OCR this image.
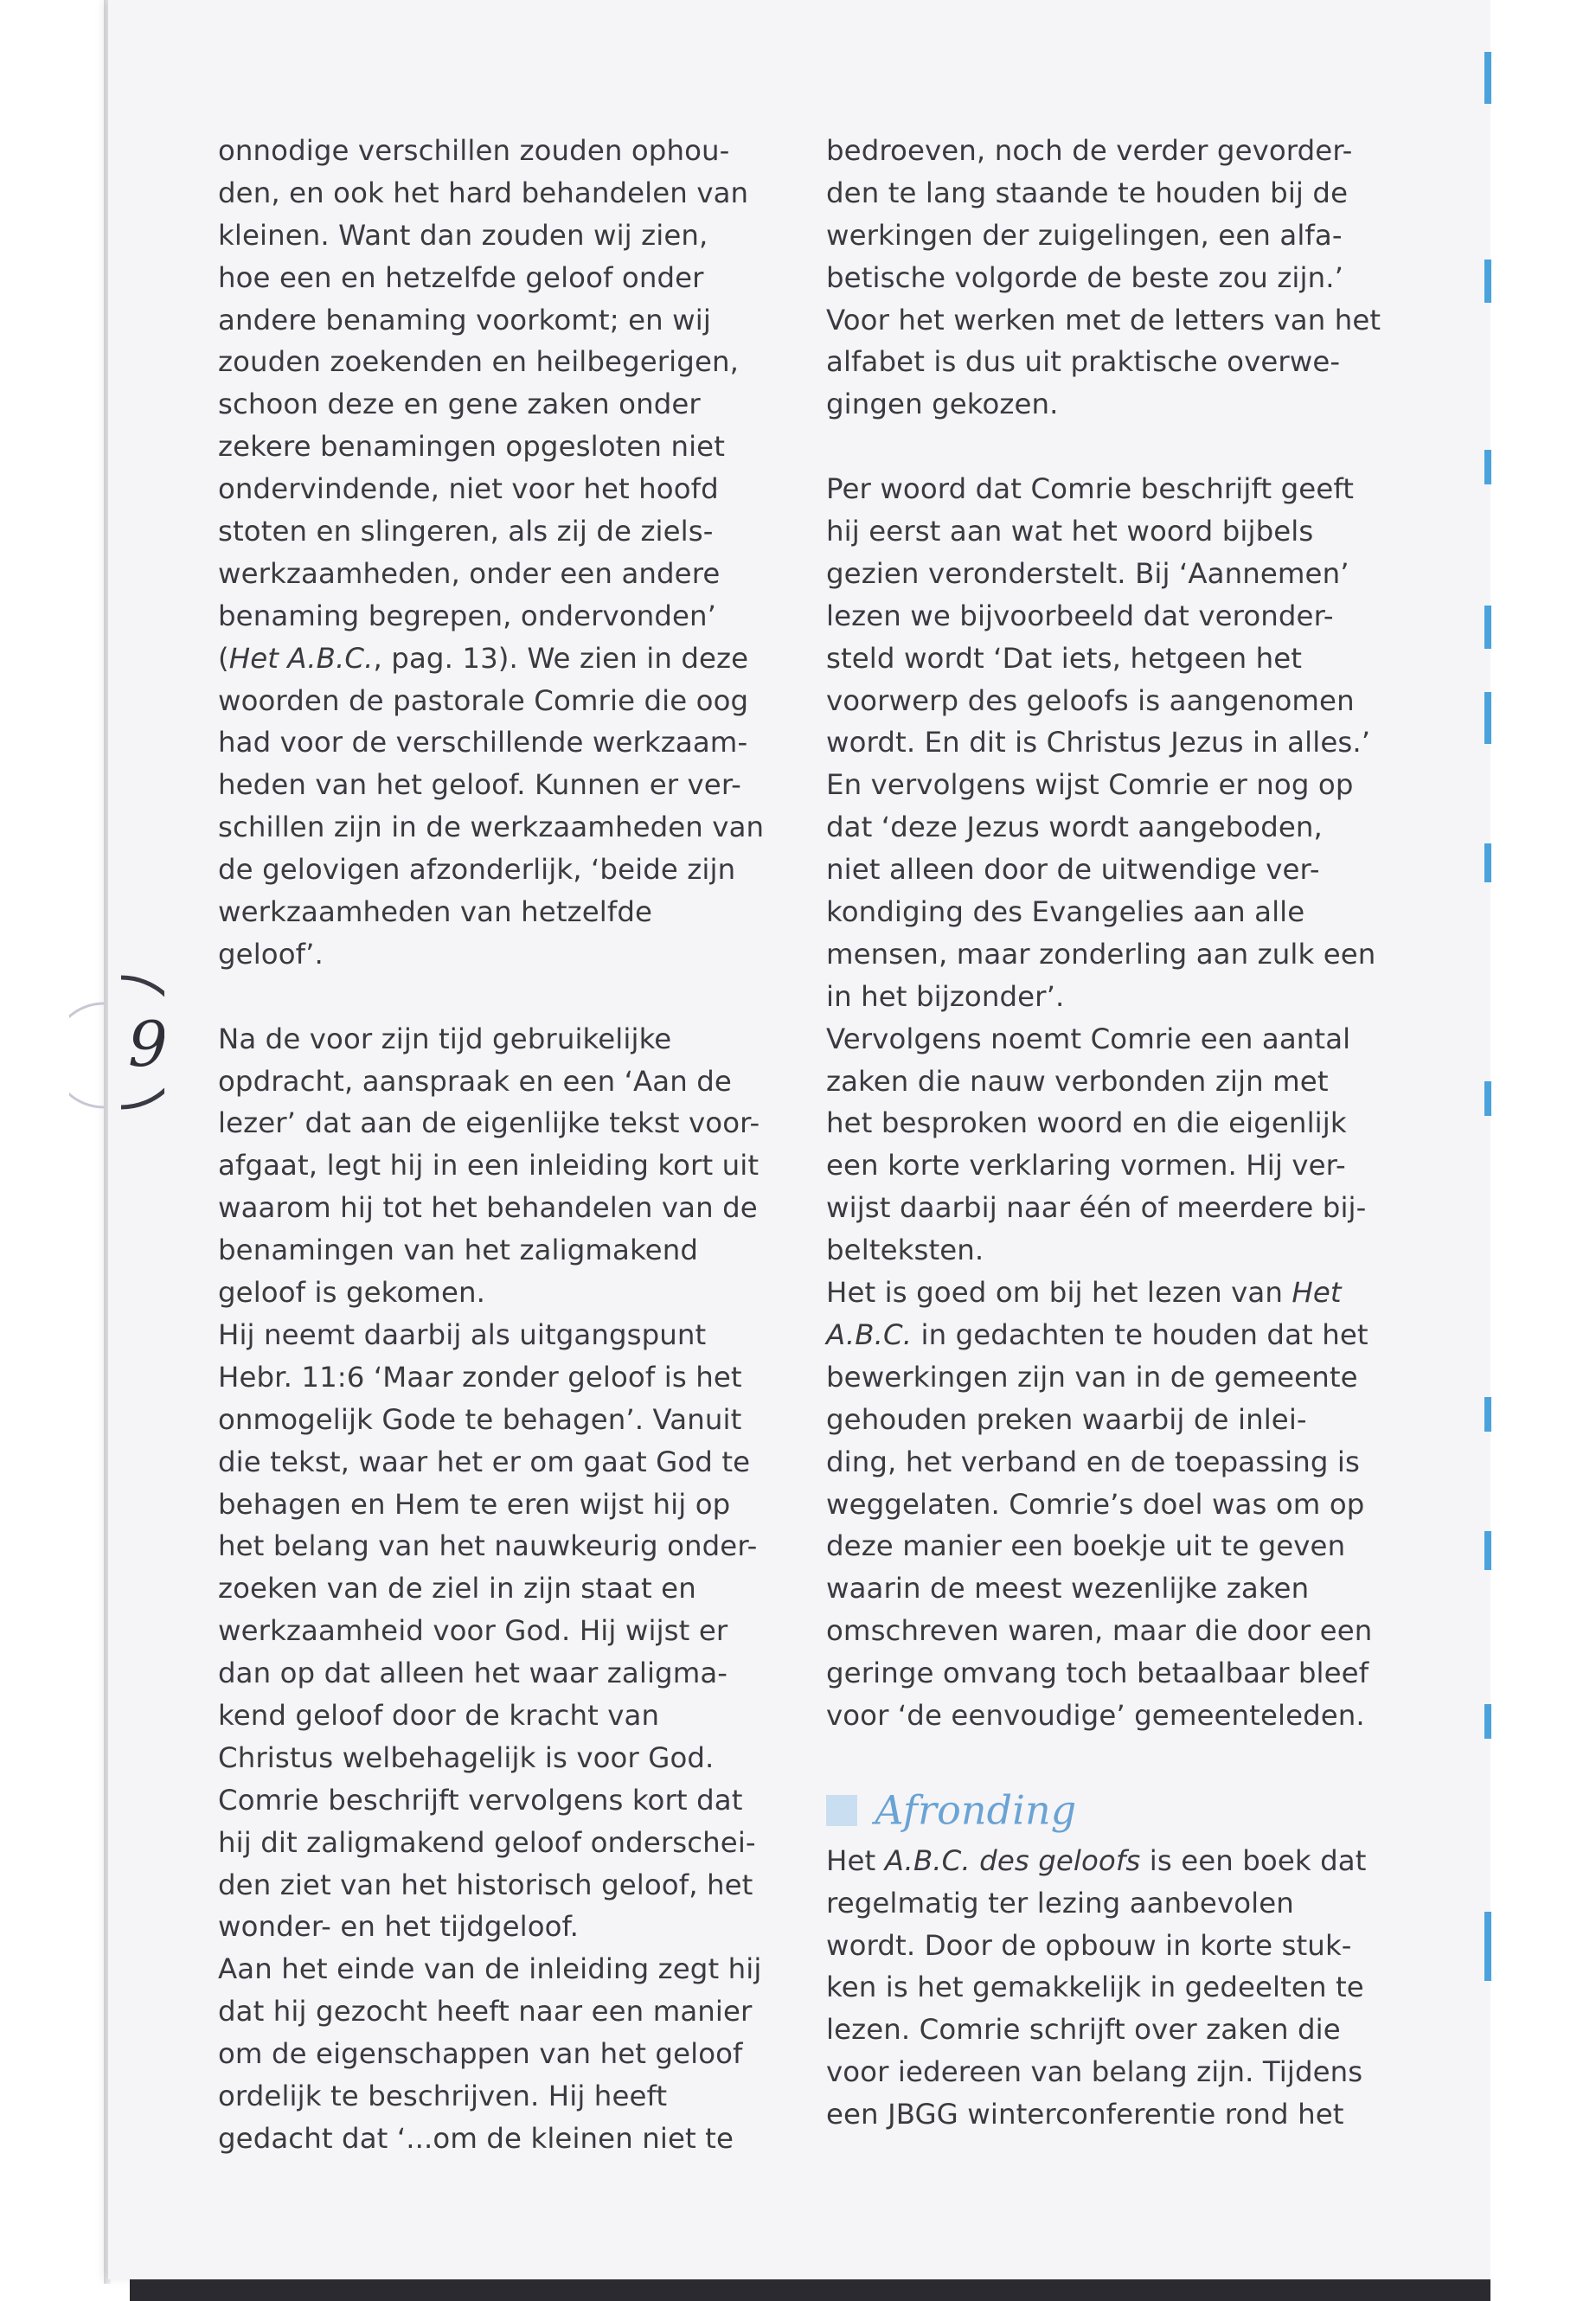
9
onnodige verschillen zouden ophou-
den, en ook het hard behandelen van
kleinen. Want dan zouden wij zien,
hoe een en hetzelfde geloof onder
andere benaming voorkomt; en wij
zouden zoekenden en heilbegerigen,
schoon deze en gene zaken onder
zekere benamingen opgesloten niet
ondervindende, niet voor het hoofd
stoten en slingeren, als zij de ziels-
werkzaamheden, onder een andere
benaming begrepen, ondervonden’
(Het A.B.C., pag. 13). We zien in deze
woorden de pastorale Comrie die oog
had voor de verschillende werkzaam-
heden van het geloof. Kunnen er ver-
schillen zijn in de werkzaamheden van
de gelovigen afzonderlijk, ‘beide zijn
werkzaamheden van hetzelfde
geloof’.
Na de voor zijn tijd gebruikelijke
opdracht, aanspraak en een ‘Aan de
lezer’ dat aan de eigenlijke tekst voor-
afgaat, legt hij in een inleiding kort uit
waarom hij tot het behandelen van de
benamingen van het zaligmakend
geloof is gekomen.
Hij neemt daarbij als uitgangspunt
Hebr. 11:6 ‘Maar zonder geloof is het
onmogelijk Gode te behagen’. Vanuit
die tekst, waar het er om gaat God te
behagen en Hem te eren wijst hij op
het belang van het nauwkeurig onder-
zoeken van de ziel in zijn staat en
werkzaamheid voor God. Hij wijst er
dan op dat alleen het waar zaligma-
kend geloof door de kracht van
Christus welbehagelijk is voor God.
Comrie beschrijft vervolgens kort dat
hij dit zaligmakend geloof onderschei-
den ziet van het historisch geloof, het
wonder- en het tijdgeloof.
Aan het einde van de inleiding zegt hij
dat hij gezocht heeft naar een manier
om de eigenschappen van het geloof
ordelijk te beschrijven. Hij heeft
gedacht dat ‘...om de kleinen niet te
bedroeven, noch de verder gevorder-
den te lang staande te houden bij de
werkingen der zuigelingen, een alfa-
betische volgorde de beste zou zijn.’
Voor het werken met de letters van het
alfabet is dus uit praktische overwe-
gingen gekozen.
Per woord dat Comrie beschrijft geeft
hij eerst aan wat het woord bijbels
gezien veronderstelt. Bij ‘Aannemen’
lezen we bijvoorbeeld dat veronder-
steld wordt ‘Dat iets, hetgeen het
voorwerp des geloofs is aangenomen
wordt. En dit is Christus Jezus in alles.’
En vervolgens wijst Comrie er nog op
dat ‘deze Jezus wordt aangeboden,
niet alleen door de uitwendige ver-
kondiging des Evangelies aan alle
mensen, maar zonderling aan zulk een
in het bijzonder’.
Vervolgens noemt Comrie een aantal
zaken die nauw verbonden zijn met
het besproken woord en die eigenlijk
een korte verklaring vormen. Hij ver-
wijst daarbij naar één of meerdere bij-
belteksten.
Het is goed om bij het lezen van Het
A.B.C. in gedachten te houden dat het
bewerkingen zijn van in de gemeente
gehouden preken waarbij de inlei-
ding, het verband en de toepassing is
weggelaten. Comrie’s doel was om op
deze manier een boekje uit te geven
waarin de meest wezenlijke zaken
omschreven waren, maar die door een
geringe omvang toch betaalbaar bleef
voor ‘de eenvoudige’ gemeenteleden.
Afronding
Het A.B.C. des geloofs is een boek dat
regelmatig ter lezing aanbevolen
wordt. Door de opbouw in korte stuk-
ken is het gemakkelijk in gedeelten te
lezen. Comrie schrijft over zaken die
voor iedereen van belang zijn. Tijdens
een JBGG winterconferentie rond het
